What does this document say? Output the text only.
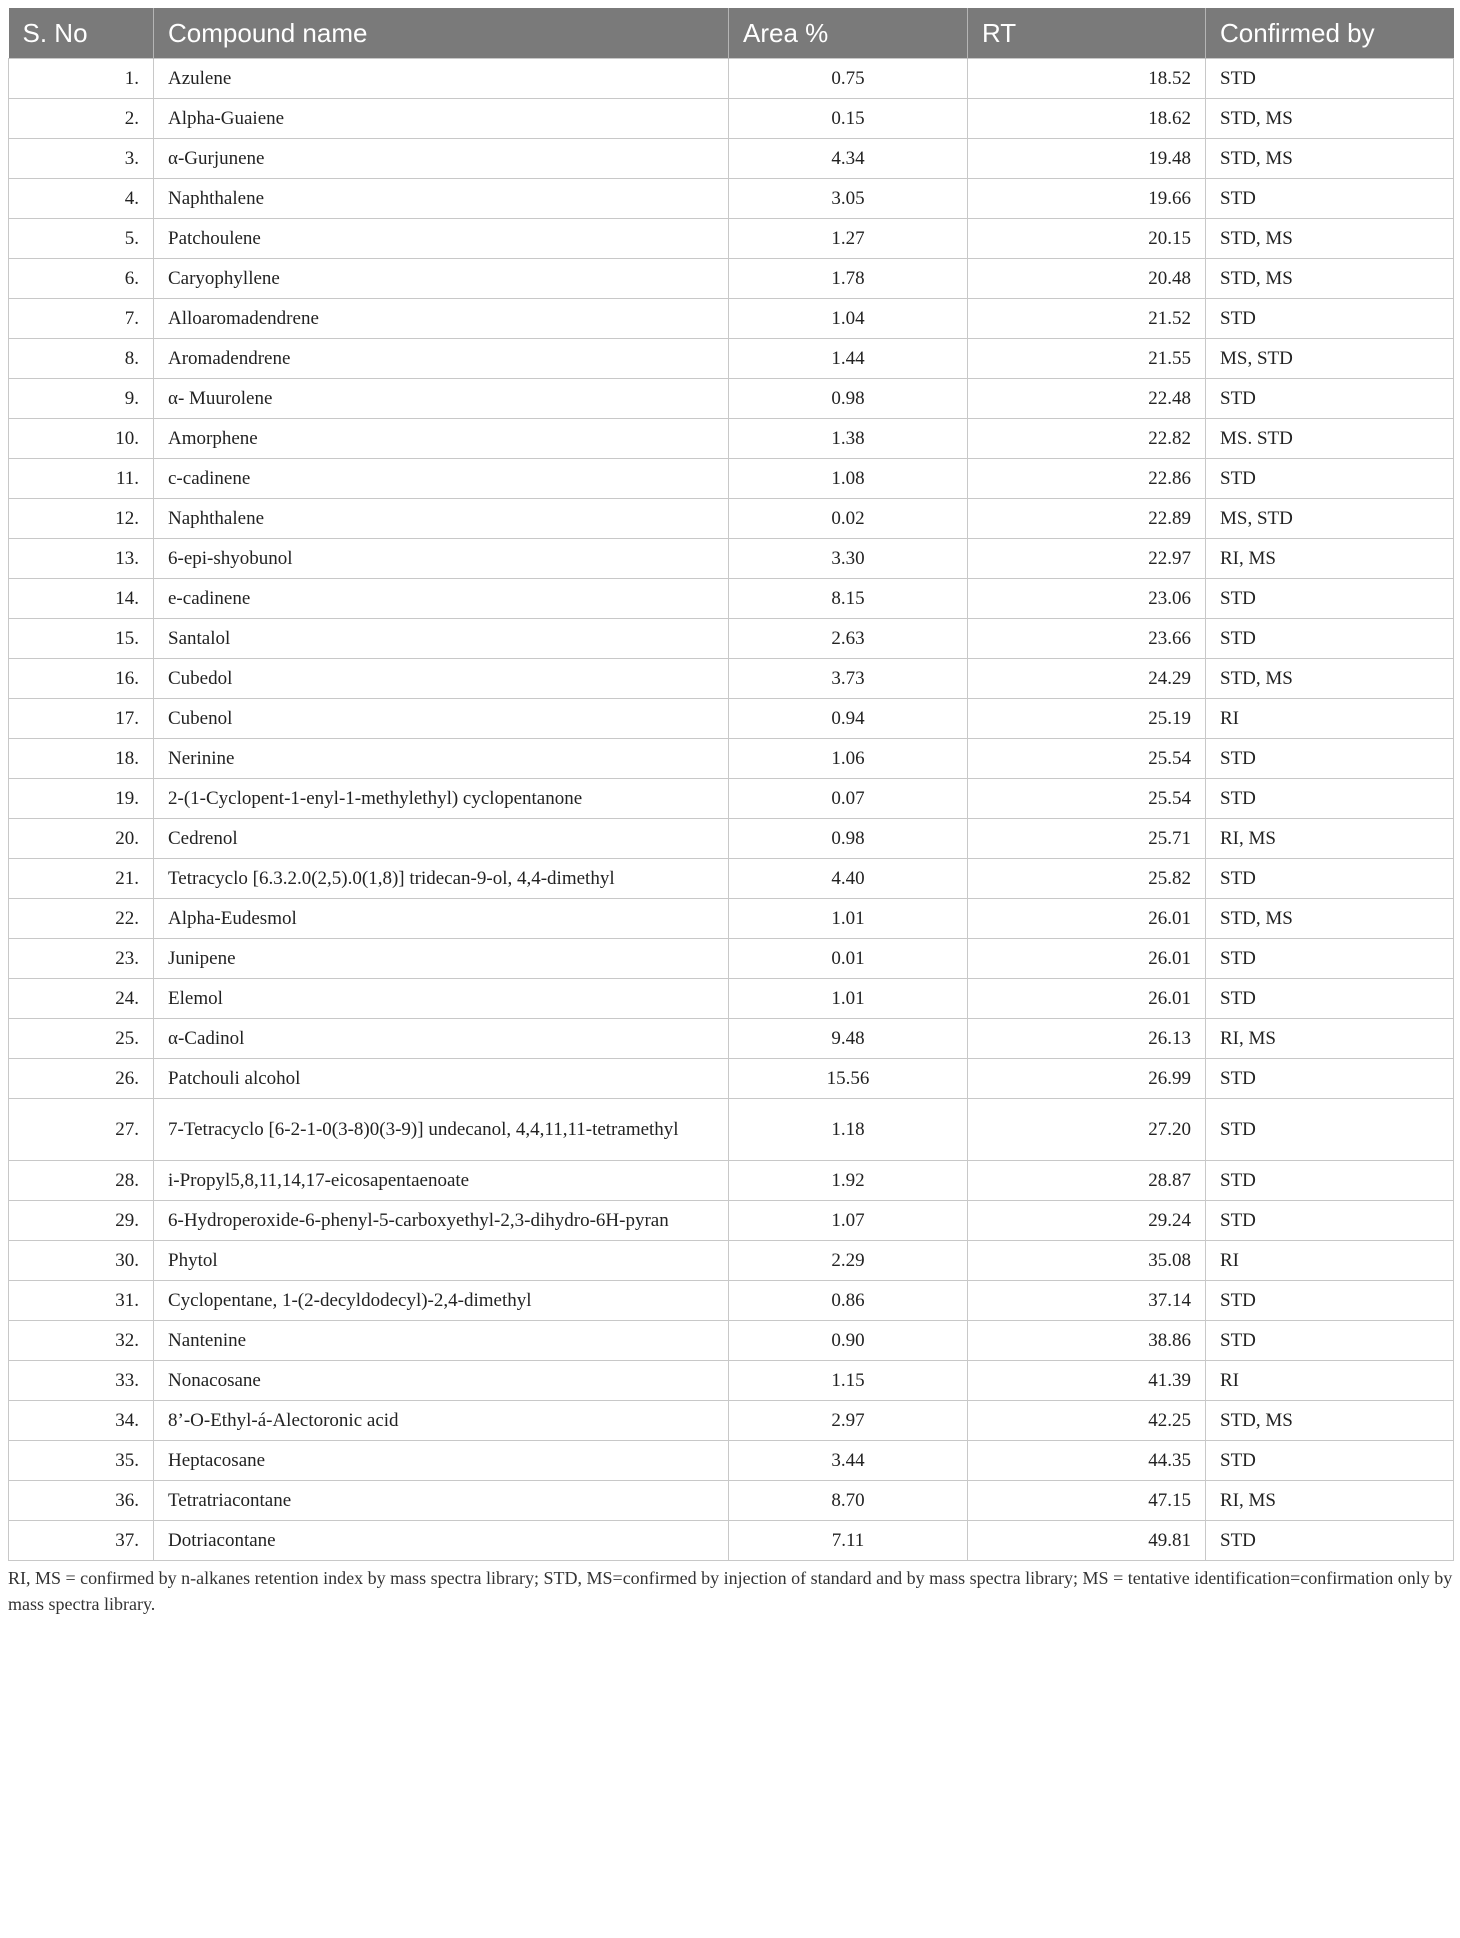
S. No	Compound name	Area %	RT	Confirmed by
1.	Azulene	0.75	18.52	STD
2.	Alpha-Guaiene	0.15	18.62	STD, MS
3.	α-Gurjunene	4.34	19.48	STD, MS
4.	Naphthalene	3.05	19.66	STD
5.	Patchoulene	1.27	20.15	STD, MS
6.	Caryophyllene	1.78	20.48	STD, MS
7.	Alloaromadendrene	1.04	21.52	STD
8.	Aromadendrene	1.44	21.55	MS, STD
9.	α- Muurolene	0.98	22.48	STD
10.	Amorphene	1.38	22.82	MS. STD
11.	c-cadinene	1.08	22.86	STD
12.	Naphthalene	0.02	22.89	MS, STD
13.	6-epi-shyobunol	3.30	22.97	RI, MS
14.	e-cadinene	8.15	23.06	STD
15.	Santalol	2.63	23.66	STD
16.	Cubedol	3.73	24.29	STD, MS
17.	Cubenol	0.94	25.19	RI
18.	Nerinine	1.06	25.54	STD
19.	2-(1-Cyclopent-1-enyl-1-methylethyl) cyclopentanone	0.07	25.54	STD
20.	Cedrenol	0.98	25.71	RI, MS
21.	Tetracyclo [6.3.2.0(2,5).0(1,8)] tridecan-9-ol, 4,4-dimethyl	4.40	25.82	STD
22.	Alpha-Eudesmol	1.01	26.01	STD, MS
23.	Junipene	0.01	26.01	STD
24.	Elemol	1.01	26.01	STD
25.	α-Cadinol	9.48	26.13	RI, MS
26.	Patchouli alcohol	15.56	26.99	STD
27.	7-Tetracyclo [6-2-1-0(3-8)0(3-9)] undecanol, 4,4,11,11-tetramethyl	1.18	27.20	STD
28.	i-Propyl5,8,11,14,17-eicosapentaenoate	1.92	28.87	STD
29.	6-Hydroperoxide-6-phenyl-5-carboxyethyl-2,3-dihydro-6H-pyran	1.07	29.24	STD
30.	Phytol	2.29	35.08	RI
31.	Cyclopentane, 1-(2-decyldodecyl)-2,4-dimethyl	0.86	37.14	STD
32.	Nantenine	0.90	38.86	STD
33.	Nonacosane	1.15	41.39	RI
34.	8’-O-Ethyl-á-Alectoronic acid	2.97	42.25	STD, MS
35.	Heptacosane	3.44	44.35	STD
36.	Tetratriacontane	8.70	47.15	RI, MS
37.	Dotriacontane	7.11	49.81	STD
RI, MS = confirmed by n-alkanes retention index by mass spectra library; STD, MS=confirmed by injection of standard and by mass spectra library; MS = tentative identification=confirmation only by mass spectra library.
